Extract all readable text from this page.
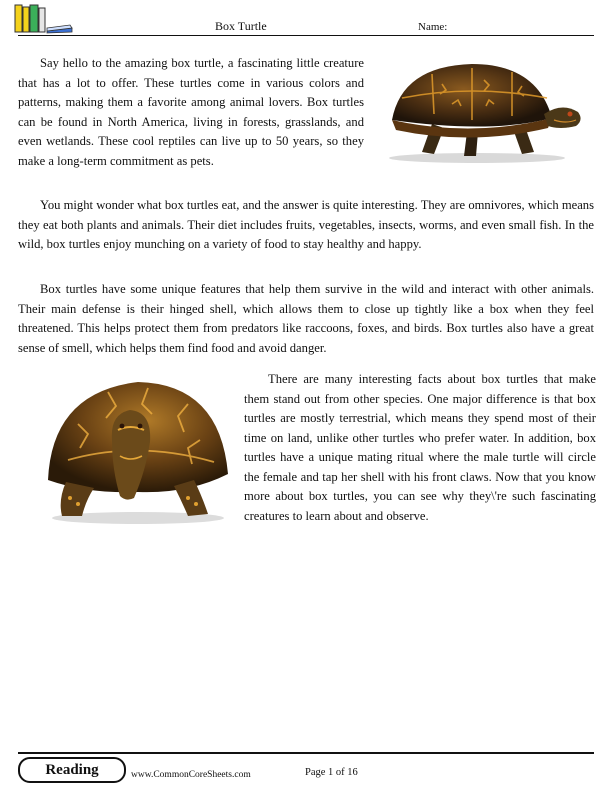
Box Turtle	Name:
Say hello to the amazing box turtle, a fascinating little creature that has a lot to offer. These turtles come in various colors and patterns, making them a favorite among animal lovers. Box turtles can be found in North America, living in forests, grasslands, and even wetlands. These cool reptiles can live up to 50 years, so they make a long-term commitment as pets.
You might wonder what box turtles eat, and the answer is quite interesting. They are omnivores, which means they eat both plants and animals. Their diet includes fruits, vegetables, insects, worms, and even small fish. In the wild, box turtles enjoy munching on a variety of food to stay healthy and happy.
Box turtles have some unique features that help them survive in the wild and interact with other animals. Their main defense is their hinged shell, which allows them to close up tightly like a box when they feel threatened. This helps protect them from predators like raccoons, foxes, and birds. Box turtles also have a great sense of smell, which helps them find food and avoid danger.
There are many interesting facts about box turtles that make them stand out from other species. One major difference is that box turtles are mostly terrestrial, which means they spend most of their time on land, unlike other turtles who prefer water. In addition, box turtles have a unique mating ritual where the male turtle will circle the female and tap her shell with his front claws. Now that you know more about box turtles, you can see why they\'re such fascinating creatures to learn about and observe.
Reading	www.CommonCoreSheets.com	Page 1 of 16
